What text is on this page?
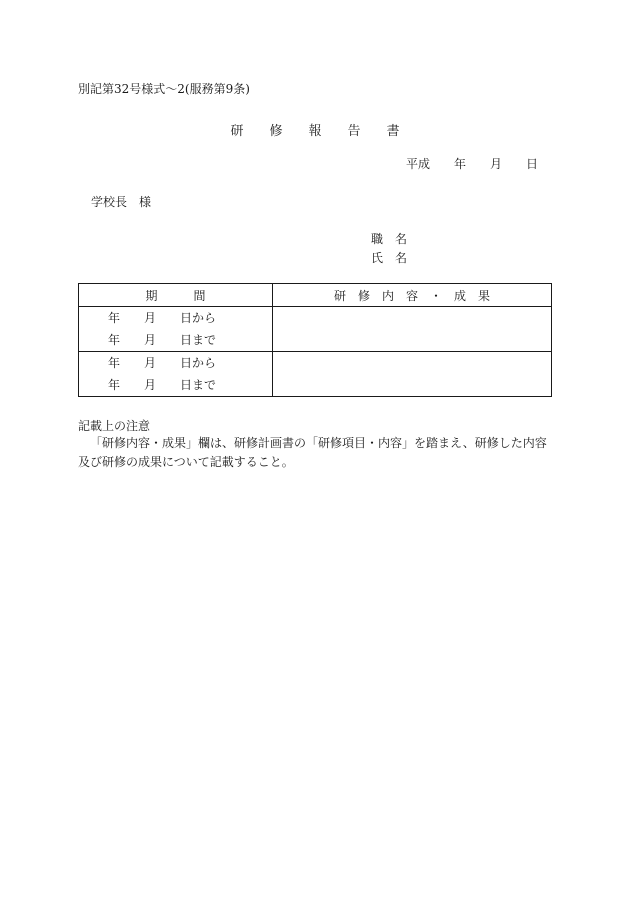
別記第32号様式〜2(服務第9条)
研　　修　　報　　告　　書
平成　　年　　月　　日
学校長　様
職　名
氏　名
期　　　間	研　修　内　容　・　成　果

年　　月　　日から
年　　月　　日まで	

年　　月　　日から
年　　月　　日まで	

記載上の注意
「研修内容・成果」欄は、研修計画書の「研修項目・内容」を踏まえ、研修した内容及び研修の成果について記載すること。
